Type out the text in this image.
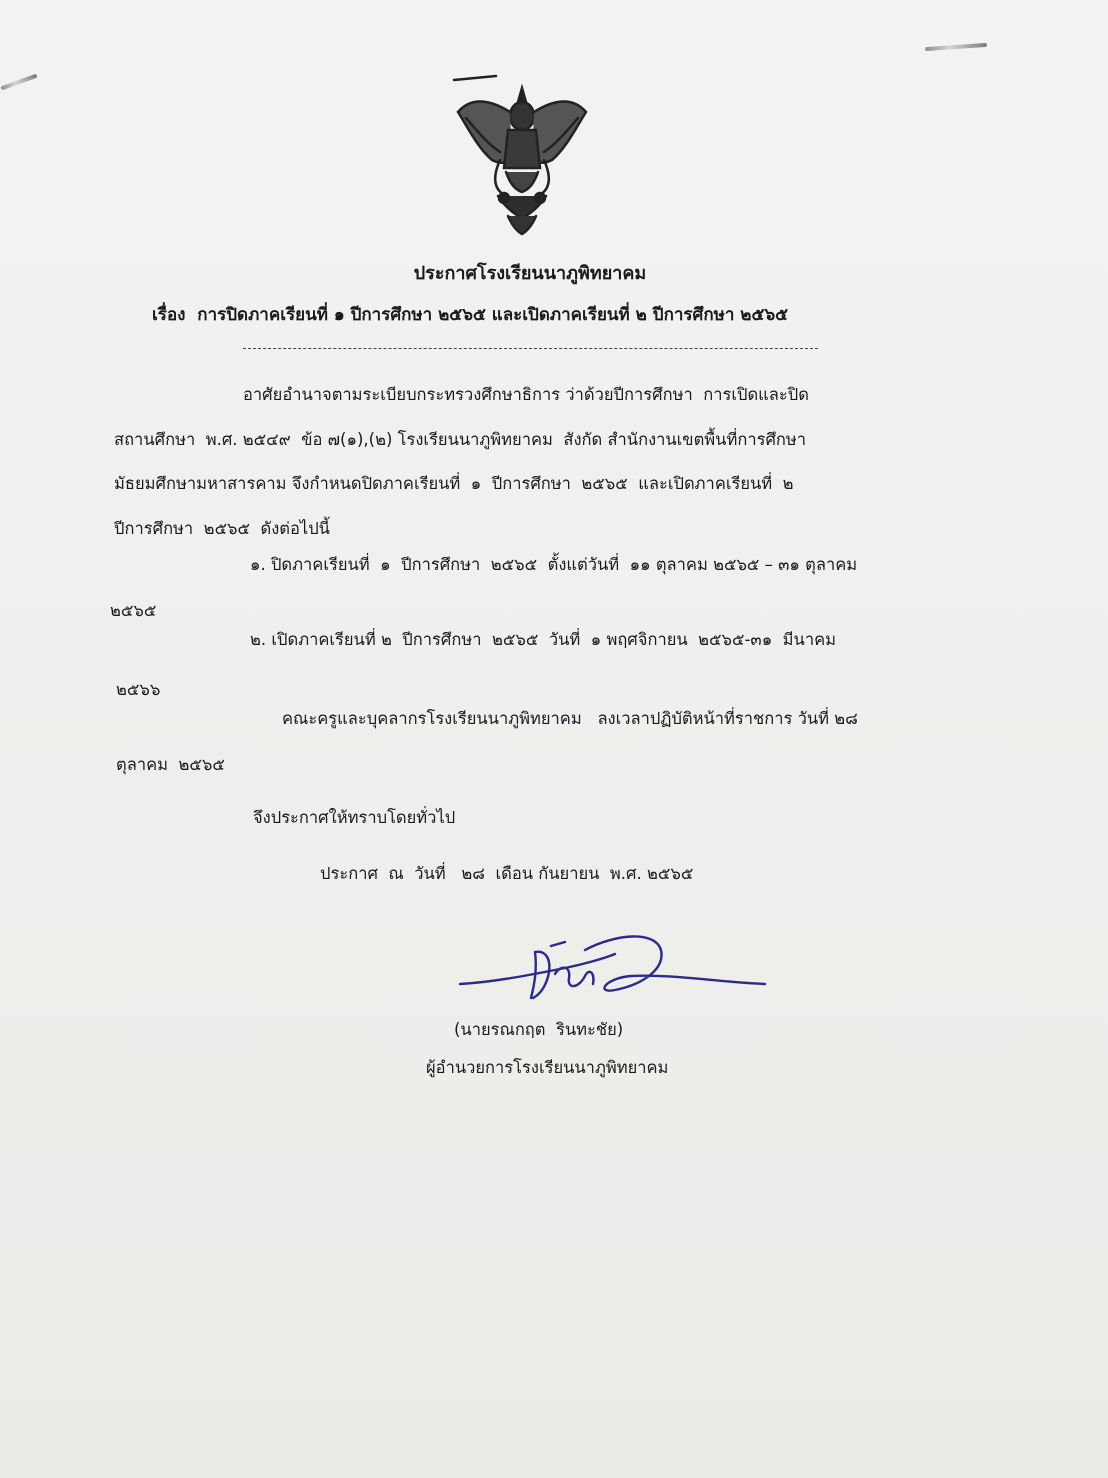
ประกาศโรงเรียนนาภูพิทยาคม
เรื่อง  การปิดภาคเรียนที่ ๑ ปีการศึกษา ๒๕๖๕ และเปิดภาคเรียนที่ ๒ ปีการศึกษา ๒๕๖๕
อาศัยอำนาจตามระเบียบกระทรวงศึกษาธิการ ว่าด้วยปีการศึกษา  การเปิดและปิด
สถานศึกษา  พ.ศ. ๒๕๔๙  ข้อ ๗(๑),(๒) โรงเรียนนาภูพิทยาคม  สังกัด สำนักงานเขตพื้นที่การศึกษา
มัธยมศึกษามหาสารคาม จึงกำหนดปิดภาคเรียนที่  ๑  ปีการศึกษา  ๒๕๖๕  และเปิดภาคเรียนที่  ๒
ปีการศึกษา  ๒๕๖๕  ดังต่อไปนี้
๑. ปิดภาคเรียนที่  ๑  ปีการศึกษา  ๒๕๖๕  ตั้งแต่วันที่  ๑๑ ตุลาคม ๒๕๖๕ – ๓๑ ตุลาคม
๒๕๖๕
๒. เปิดภาคเรียนที่ ๒  ปีการศึกษา  ๒๕๖๕  วันที่  ๑ พฤศจิกายน  ๒๕๖๕-๓๑  มีนาคม
๒๕๖๖
คณะครูและบุคลากรโรงเรียนนาภูพิทยาคม   ลงเวลาปฏิบัติหน้าที่ราชการ วันที่ ๒๘
ตุลาคม  ๒๕๖๕
จึงประกาศให้ทราบโดยทั่วไป
ประกาศ  ณ  วันที่   ๒๘  เดือน กันยายน  พ.ศ. ๒๕๖๕
(นายรณกฤต  รินทะชัย)
ผู้อำนวยการโรงเรียนนาภูพิทยาคม
